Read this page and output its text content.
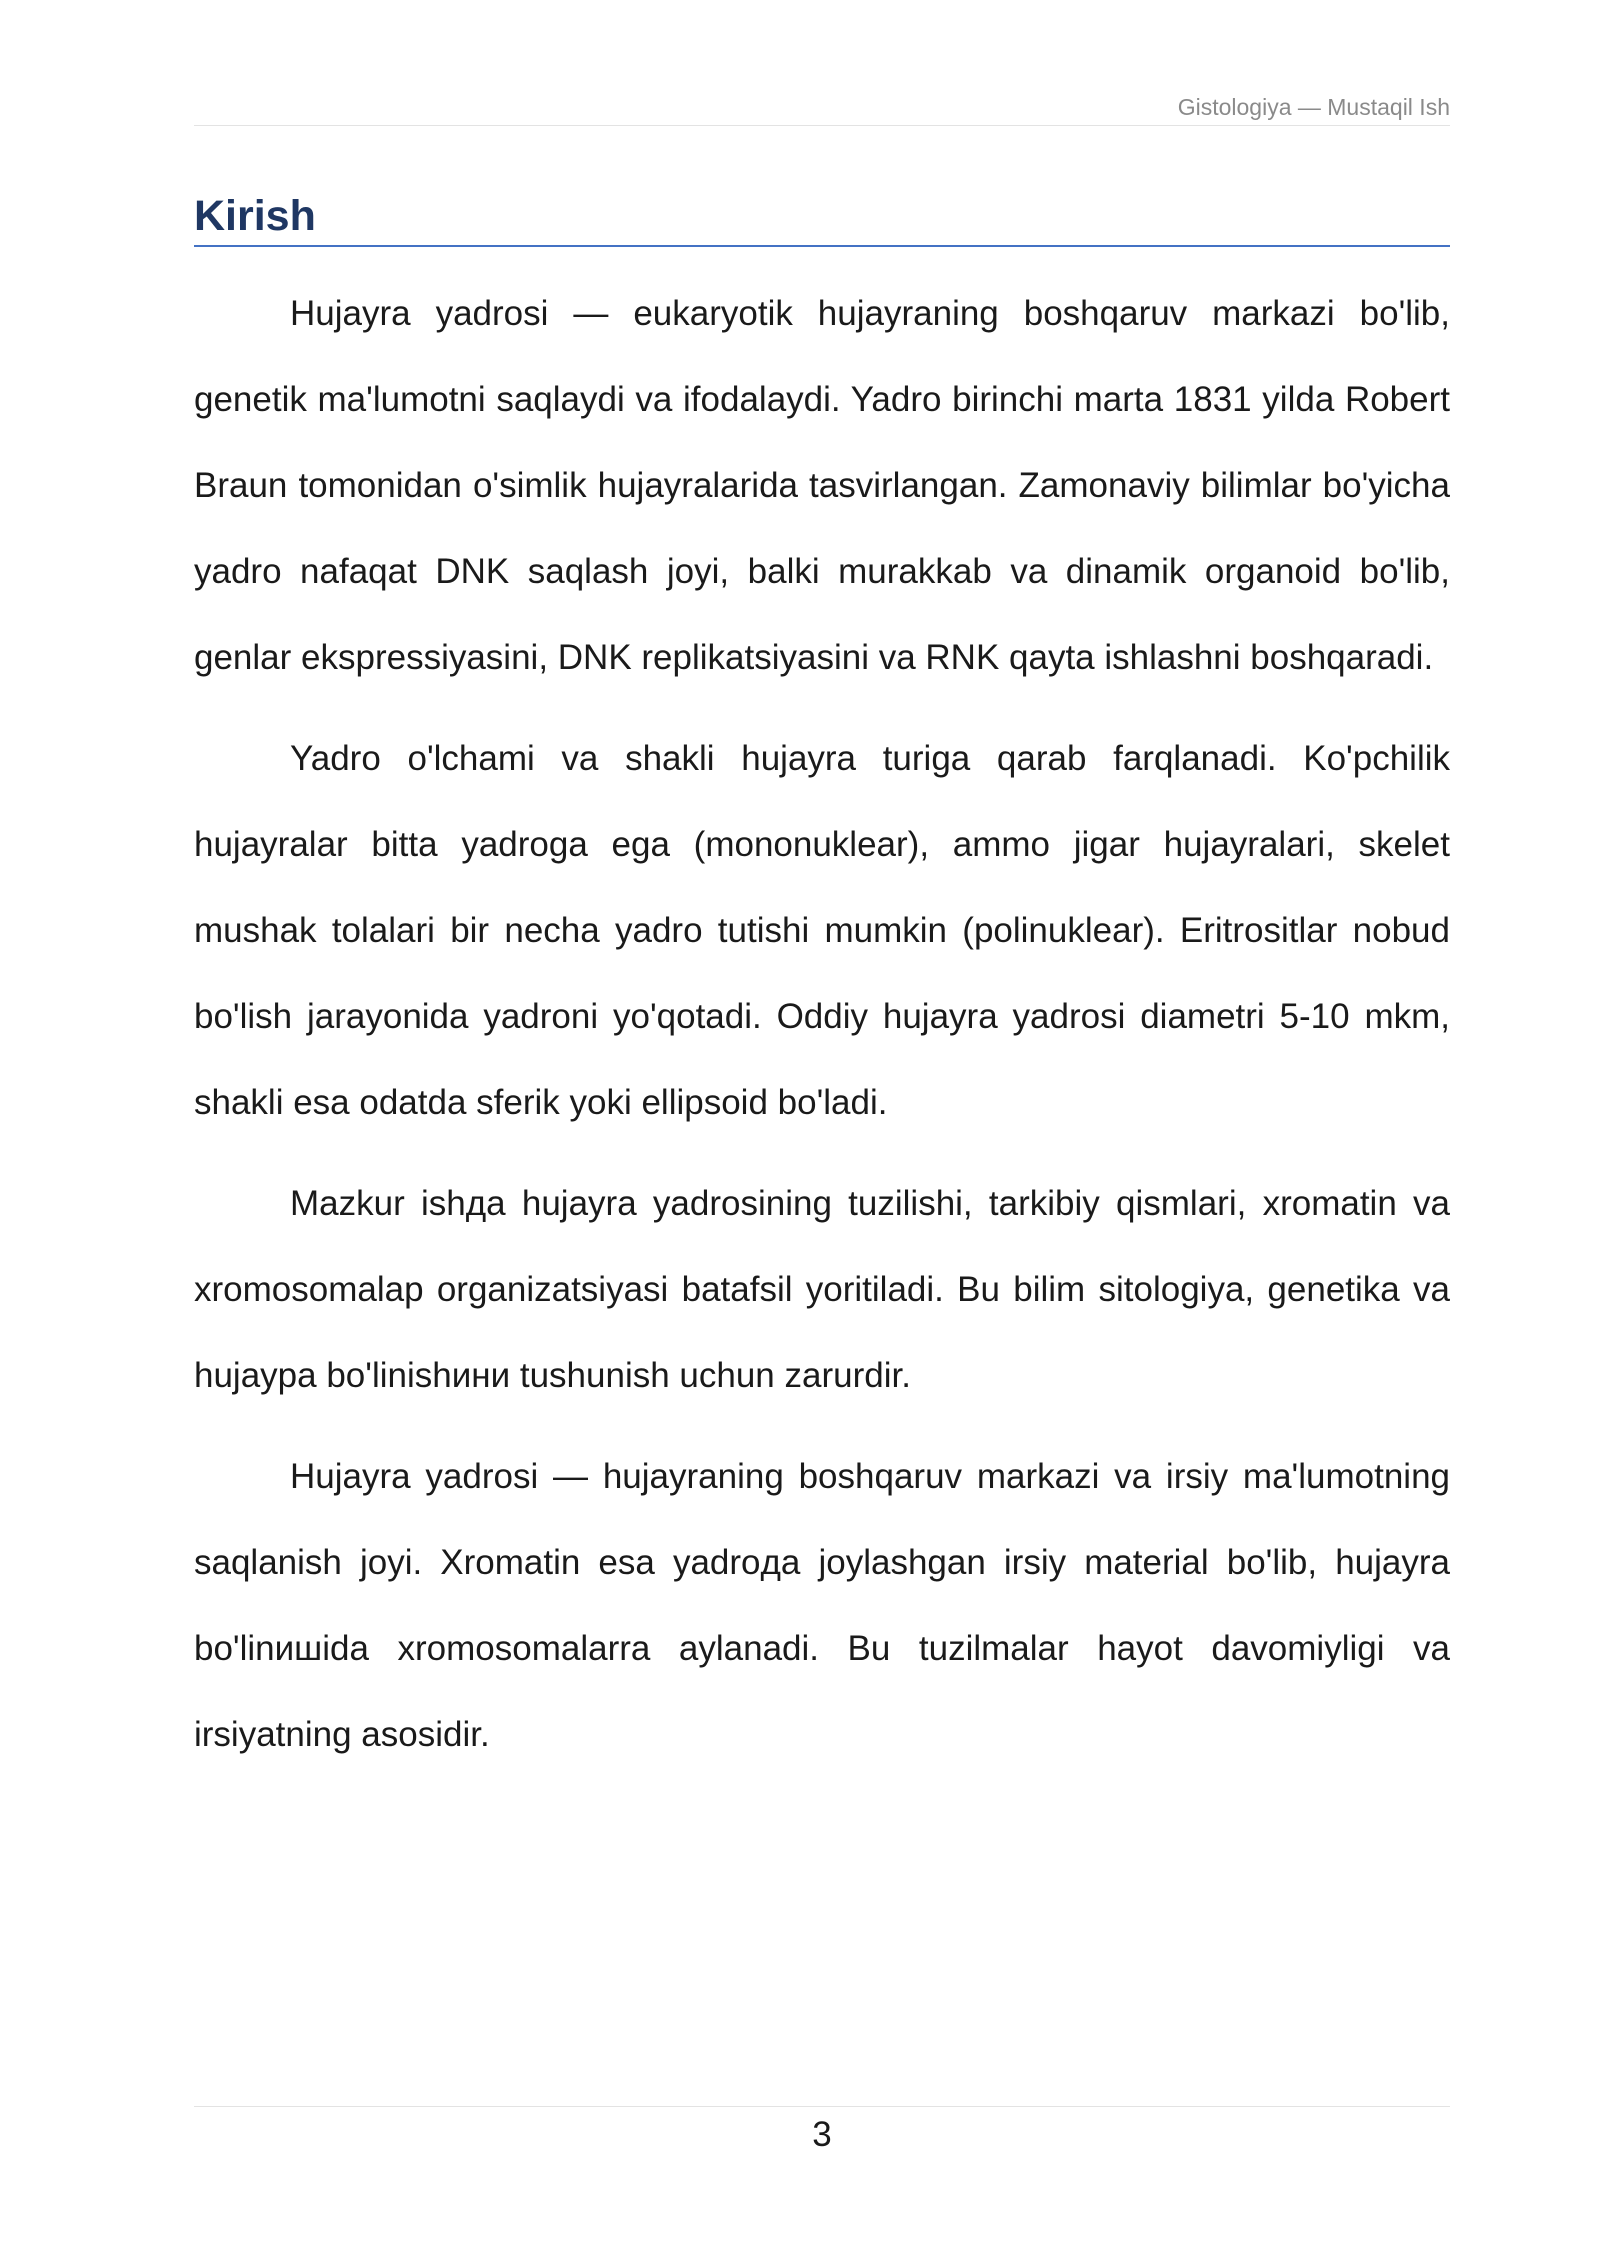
Gistologiya — Mustaqil Ish
Kirish

Hujayra yadrosi — eukaryotik hujayraning boshqaruv markazi bo'lib, genetik ma'lumotni saqlaydi va ifodalaydi. Yadro birinchi marta 1831 yilda Robert Braun tomonidan o'simlik hujayralarida tasvirlangan. Zamonaviy bilimlar bo'yicha yadro nafaqat DNK saqlash joyi, balki murakkab va dinamik organoid bo'lib, genlar ekspressiyasini, DNK replikatsiyasini va RNK qayta ishlashni boshqaradi.

Yadro o'lchami va shakli hujayra turiga qarab farqlanadi. Ko'pchilik hujayralar bitta yadroga ega (mononuklear), ammo jigar hujayralari, skelet mushak tolalari bir necha yadro tutishi mumkin (polinuklear). Eritrositlar nobud bo'lish jarayonida yadroni yo'qotadi. Oddiy hujayra yadrosi diametri 5-10 mkm, shakli esa odatda sferik yoki ellipsoid bo'ladi.

Mazkur ishда hujayra yadrosining tuzilishi, tarkibiy qismlari, xromatin va xromosomalap organizatsiyasi batafsil yoritiladi. Bu bilim sitologiya, genetika va hujaypa bo'linishини tushunish uchun zarurdir.

Hujayra yadrosi — hujayraning boshqaruv markazi va irsiy ma'lumotning saqlanish joyi. Xromatin esa yadroда joylashgan irsiy material bo'lib, hujayra bo'linишida xromosomalarra aylanadi. Bu tuzilmalar hayot davomiyligi va irsiyatning asosidir.

3
